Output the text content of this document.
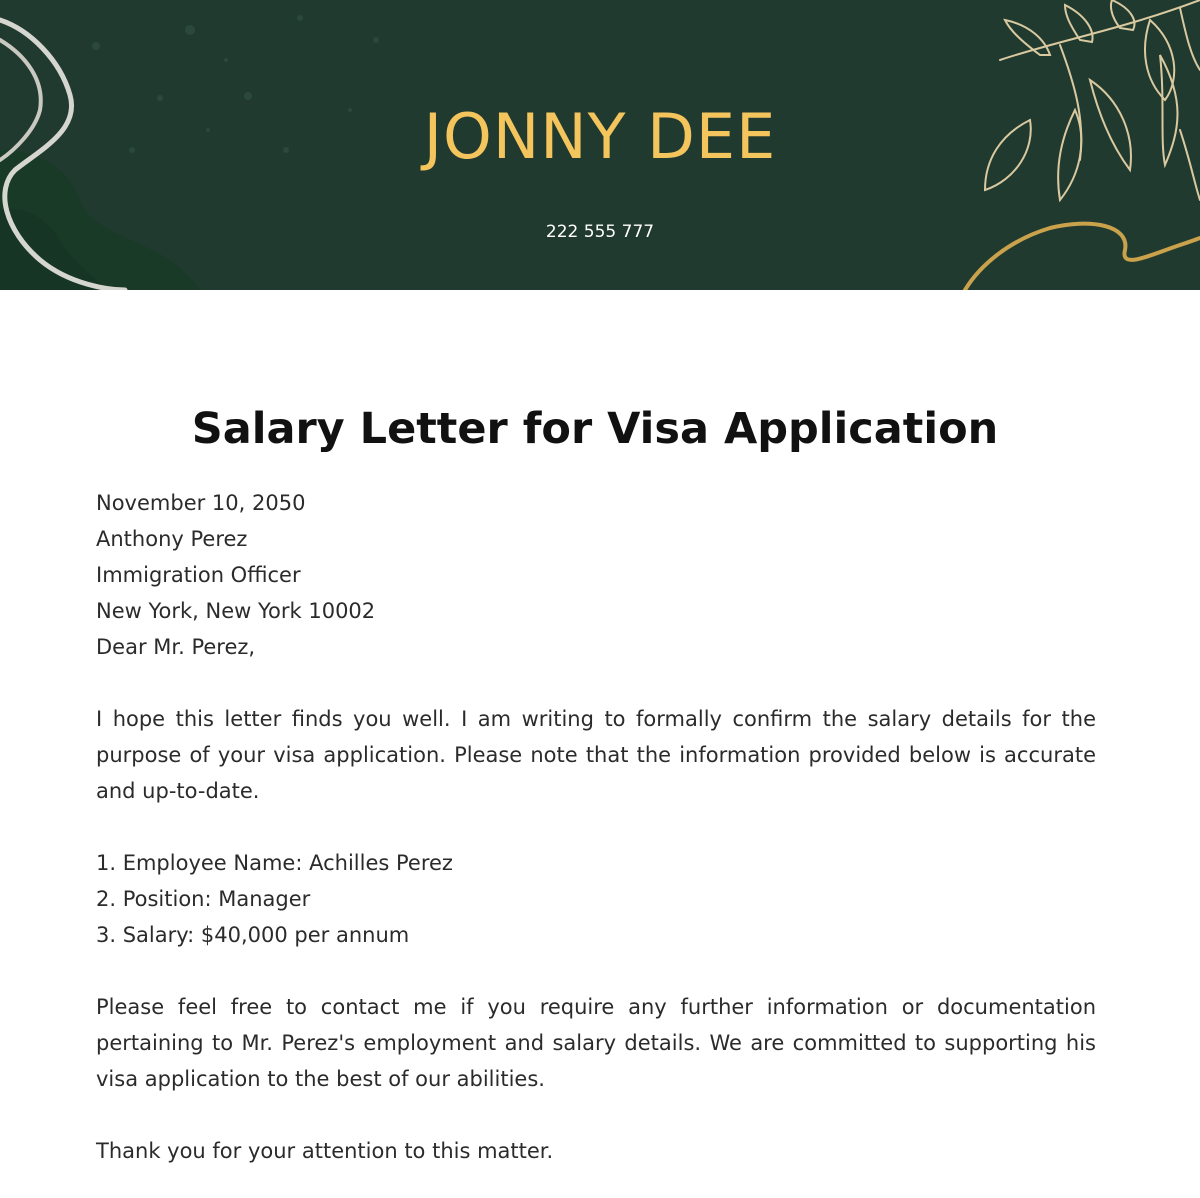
JONNY DEE
222 555 777
Salary Letter for Visa Application

November 10, 2050

Anthony Perez

Immigration Officer

New York, New York 10002

Dear Mr. Perez,

I hope this letter finds you well. I am writing to formally confirm the salary details for the purpose of your visa application. Please note that the information provided below is accurate and up-to-date.

1. Employee Name: Achilles Perez

2. Position: Manager

3. Salary: $40,000 per annum

Please feel free to contact me if you require any further information or documentation pertaining to Mr. Perez's employment and salary details. We are committed to supporting his visa application to the best of our abilities.

Thank you for your attention to this matter.
